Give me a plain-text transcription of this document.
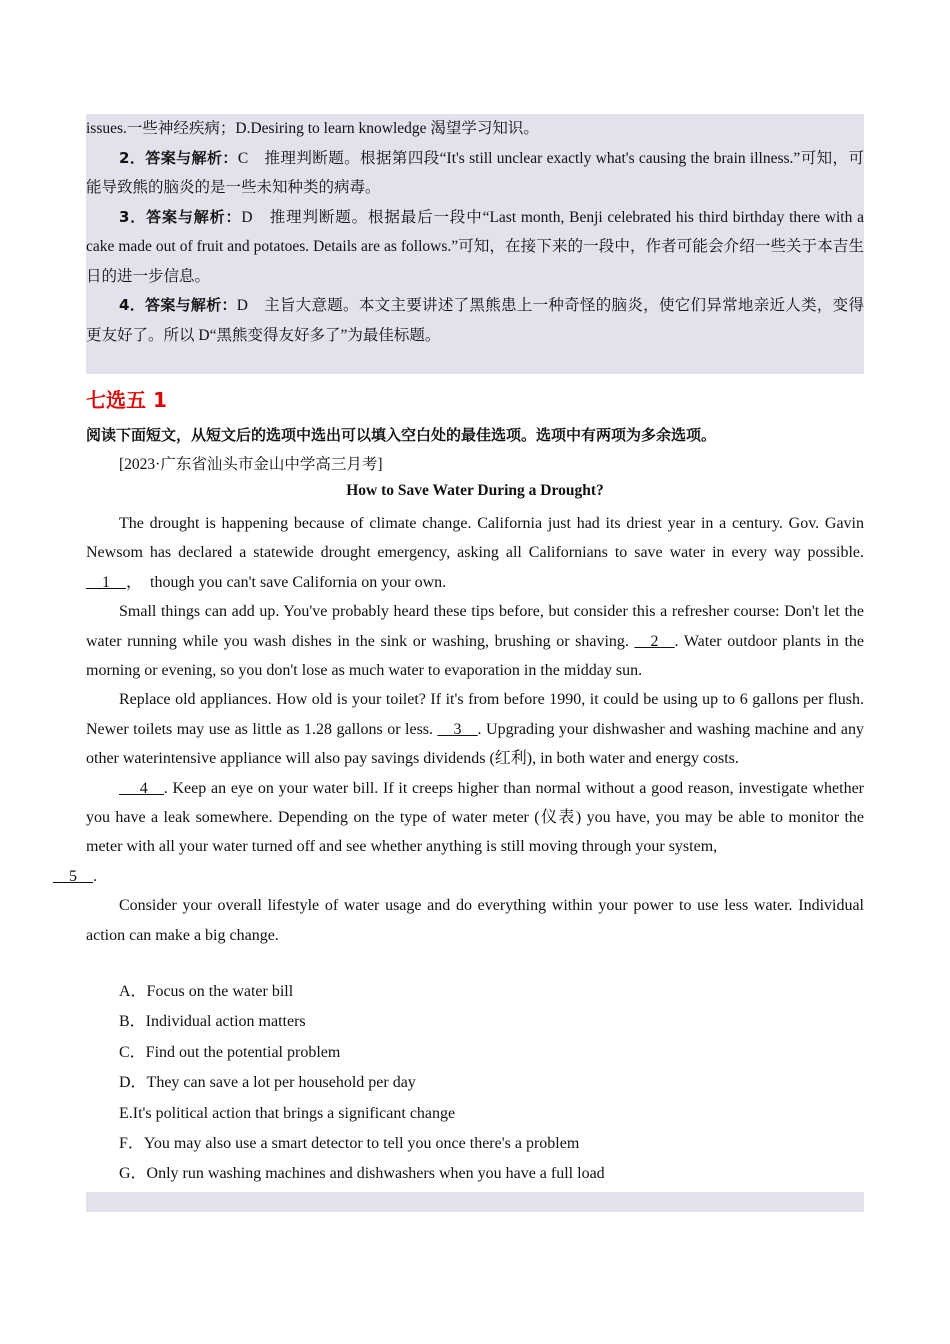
issues.一些神经疾病；D.Desiring to learn knowledge 渴望学习知识。

2．答案与解析：C　推理判断题。根据第四段“It's still unclear exactly what's causing the brain illness.”可知，可能导致熊的脑炎的是一些未知种类的病毒。

3．答案与解析：D　推理判断题。根据最后一段中“Last month, Benji celebrated his third birthday there with a cake made out of fruit and potatoes. Details are as follows.”可知，在接下来的一段中，作者可能会介绍一些关于本吉生日的进一步信息。

4．答案与解析：D　主旨大意题。本文主要讲述了黑熊患上一种奇怪的脑炎，使它们异常地亲近人类，变得更友好了。所以 D“黑熊变得友好多了”为最佳标题。

七选五 1

阅读下面短文，从短文后的选项中选出可以填入空白处的最佳选项。选项中有两项为多余选项。

[2023·广东省汕头市金山中学高三月考]

How to Save Water During a Drought?

The drought is happening because of climate change. California just had its driest year in a century. Gov. Gavin Newsom has declared a statewide drought emergency, asking all Californians to save water in every way possible. __1__，　though you can't save California on your own.

Small things can add up. You've probably heard these tips before, but consider this a refresher course: Don't let the water running while you wash dishes in the sink or washing, brushing or shaving. __2__. Water outdoor plants in the morning or evening, so you don't lose as much water to evaporation in the midday sun.

Replace old appliances. How old is your toilet? If it's from before 1990, it could be using up to 6 gallons per flush. Newer toilets may use as little as 1.28 gallons or less. __3__. Upgrading your dishwasher and washing machine and any other waterintensive appliance will also pay savings dividends (红利), in both water and energy costs.

__4__. Keep an eye on your water bill. If it creeps higher than normal without a good reason, investigate whether you have a leak somewhere. Depending on the type of water meter (仪表) you have, you may be able to monitor the meter with all your water turned off and see whether anything is still moving through your system,
__5__.

Consider your overall lifestyle of water usage and do everything within your power to use less water. Individual action can make a big change.

A．Focus on the water bill
B．Individual action matters
C．Find out the potential problem
D．They can save a lot per household per day
E.It's political action that brings a significant change
F．You may also use a smart detector to tell you once there's a problem
G．Only run washing machines and dishwashers when you have a full load
